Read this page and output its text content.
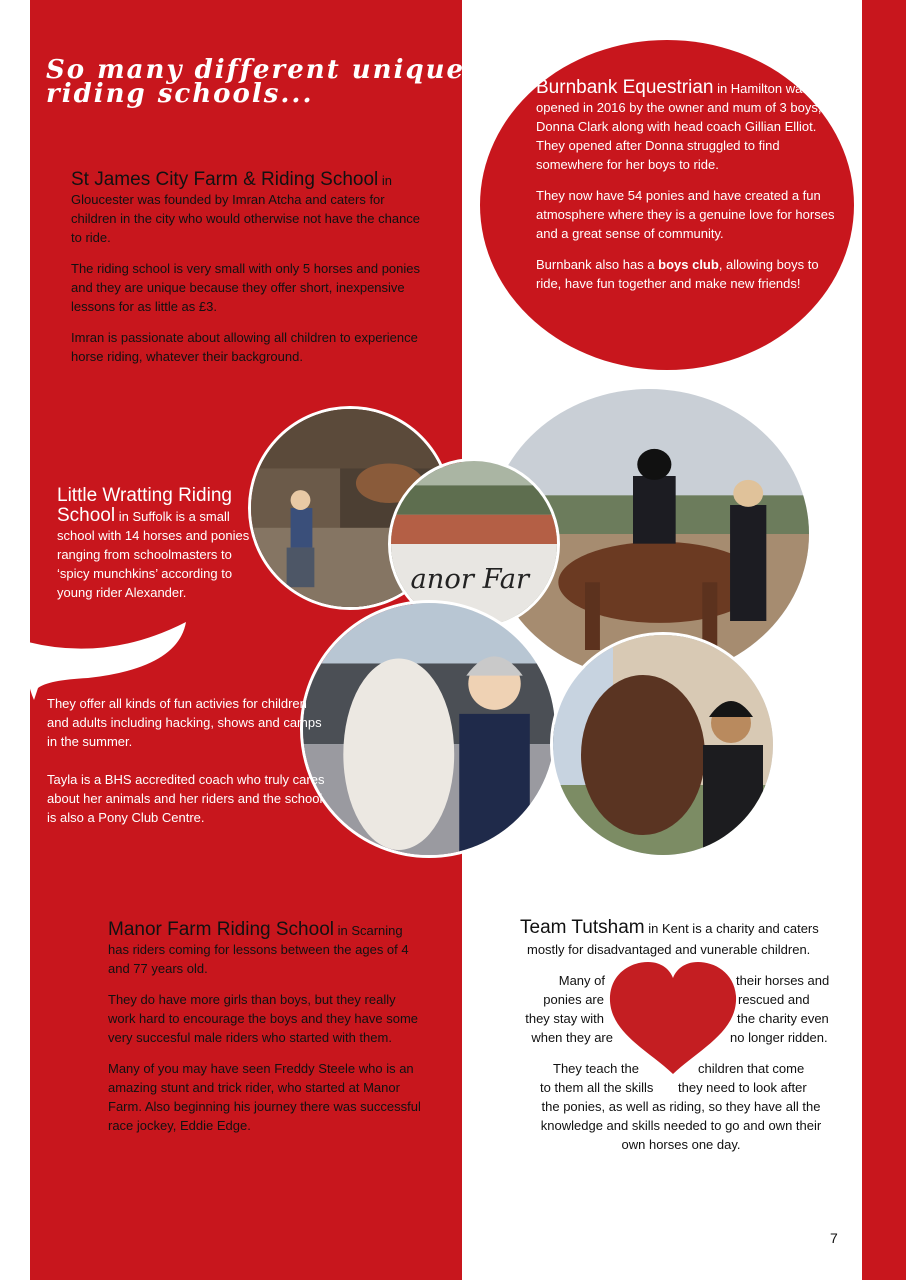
So many different unique
riding schools...

St James City Farm & Riding School in Gloucester was founded by Imran Atcha and caters for children in the city who would otherwise not have the chance to ride.

The riding school is very small with only 5 horses and ponies and they are unique because they offer short, inexpensive lessons for as little as £3.

Imran is passionate about allowing all children to experience horse riding, whatever their background.

Burnbank Equestrian in Hamilton was opened in 2016 by the owner and mum of 3 boys, Donna Clark along with head coach Gillian Elliot. They opened after Donna struggled to find somewhere for her boys to ride.

They now have 54 ponies and have created a fun atmosphere where they is a genuine love for horses and a great sense of community.

Burnbank also has a boys club, allowing boys to ride, have fun together and make new friends!

anor Far

Little Wratting Riding School in Suffolk is a small school with 14 horses and ponies ranging from schoolmasters to ‘spicy munchkins’ according to young rider Alexander.

They offer all kinds of fun activies for children and adults including hacking, shows and camps in the summer.

Tayla is a BHS accredited coach who truly cares about her animals and her riders and the school is also a Pony Club Centre.

Manor Farm Riding School in Scarning has riders coming for lessons between the ages of 4 and 77 years old.

They do have more girls than boys, but they really work hard to encourage the boys and they have some very succesful male riders who started with them.

Many of you may have seen Freddy Steele who is an amazing stunt and trick rider, who started at Manor Farm. Also beginning his journey there was successful race jockey, Eddie Edge.

Team Tutsham in Kent is a charity and caters
mostly for disadvantaged and vunerable children.
Many of
ponies are
they stay with
when they are
their horses and
rescued and
the charity even
no longer ridden.
They teach the	children that come
to them all the skills they need to look after
the ponies, as well as riding, so they have all the
knowledge and skills needed to go and own their
own horses one day.
7
